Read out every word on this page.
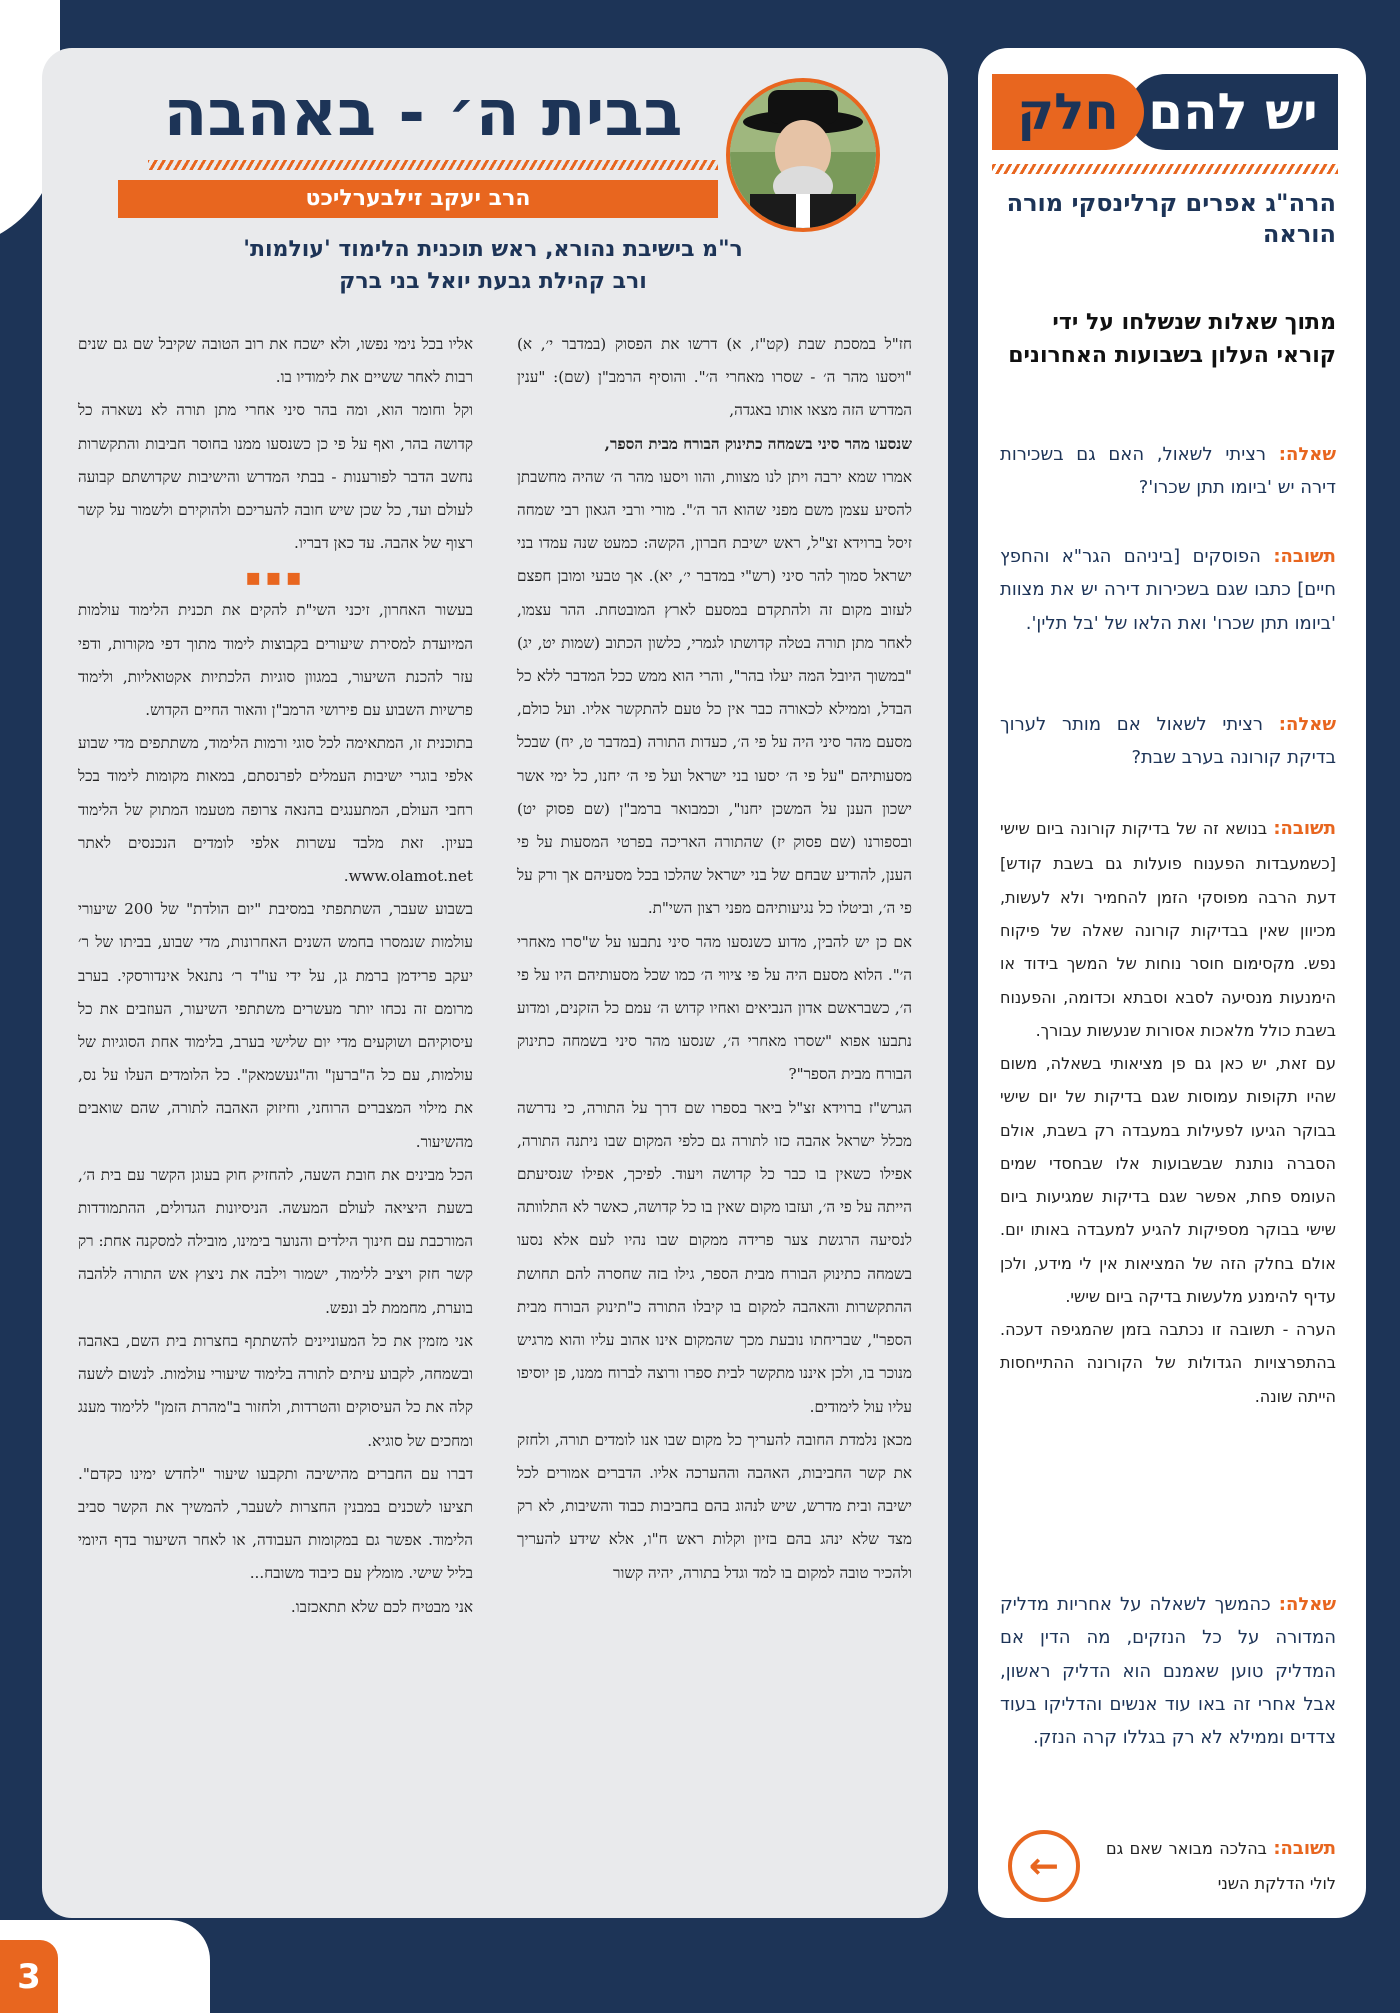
3
בבית ה׳ - באהבה
הרב יעקב זילבערליכט
ר"מ בישיבת נהורא, ראש תוכנית הלימוד 'עולמות'
ורב קהילת גבעת יואל בני ברק

חז"ל במסכת שבת (קט"ז, א) דרשו את הפסוק (במדבר י׳, א) "ויסעו מהר ה׳ - שסרו מאחרי ה׳". והוסיף הרמב"ן (שם): "ענין המדרש הזה מצאו אותו באגדה,

שנסעו מהר סיני בשמחה כתינוק הבורח מבית הספר,

אמרו שמא ירבה ויתן לנו מצוות, והוו ויסעו מהר ה׳ שהיה מחשבתן להסיע עצמן משם מפני שהוא הר ה׳". מורי ורבי הגאון רבי שמחה זיסל ברוידא זצ"ל, ראש ישיבת חברון, הקשה: כמעט שנה עמדו בני ישראל סמוך להר סיני (רש"י במדבר י׳, יא). אך טבעי ומובן חפצם לעזוב מקום זה ולהתקדם במסעם לארץ המובטחת. ההר עצמו, לאחר מתן תורה בטלה קדושתו לגמרי, כלשון הכתוב (שמות יט, יג) "במשוך היובל המה יעלו בהר", והרי הוא ממש ככל המדבר ללא כל הבדל, וממילא לכאורה כבר אין כל טעם להתקשר אליו. ועל כולם, מסעם מהר סיני היה על פי ה׳, כעדות התורה (במדבר ט, יח) שבכל מסעותיהם "על פי ה׳ יסעו בני ישראל ועל פי ה׳ יחנו, כל ימי אשר ישכון הענן על המשכן יחנו", וכמבואר ברמב"ן (שם פסוק יט) ובספורנו (שם פסוק יז) שהתורה האריכה בפרטי המסעות על פי הענן, להודיע שבחם של בני ישראל שהלכו בכל מסעיהם אך ורק על פי ה׳, וביטלו כל נגיעותיהם מפני רצון השי"ת.

אם כן יש להבין, מדוע כשנסעו מהר סיני נתבעו על ש"סרו מאחרי ה׳". הלוא מסעם היה על פי ציווי ה׳ כמו שכל מסעותיהם היו על פי ה׳, כשבראשם אדון הנביאים ואחיו קדוש ה׳ עמם כל הזקנים, ומדוע נתבעו אפוא "שסרו מאחרי ה׳, שנסעו מהר סיני בשמחה כתינוק הבורח מבית הספר"?

הגרש"ז ברוידא זצ"ל ביאר בספרו שם דרך על התורה, כי נדרשה מכלל ישראל אהבה כזו לתורה גם כלפי המקום שבו ניתנה התורה, אפילו כשאין בו כבר כל קדושה ויעוד. לפיכך, אפילו שנסיעתם הייתה על פי ה׳, ועזבו מקום שאין בו כל קדושה, כאשר לא התלוותה לנסיעה הרגשת צער פרידה ממקום שבו נהיו לעם אלא נסעו בשמחה כתינוק הבורח מבית הספר, גילו בזה שחסרה להם תחושת ההתקשרות והאהבה למקום בו קיבלו התורה כ"תינוק הבורח מבית הספר", שבריחתו נובעת מכך שהמקום אינו אהוב עליו והוא מרגיש מנוכר בו, ולכן איננו מתקשר לבית ספרו ורוצה לברוח ממנו, פן יוסיפו עליו עול לימודים.

מכאן נלמדת החובה להעריך כל מקום שבו אנו לומדים תורה, ולחזק את קשר החביבות, האהבה וההערכה אליו. הדברים אמורים לכל ישיבה ובית מדרש, שיש לנהוג בהם בחביבות כבוד והשיבות, לא רק מצד שלא ינהג בהם בזיון וקלות ראש ח"ו, אלא שידע להעריך ולהכיר טובה למקום בו למד וגדל בתורה, יהיה קשור

אליו בכל נימי נפשו, ולא ישכח את רוב הטובה שקיבל שם גם שנים רבות לאחר ששיים את לימודיו בו.

וקל וחומר הוא, ומה בהר סיני אחרי מתן תורה לא נשארה כל קדושה בהר, ואף על פי כן כשנסעו ממנו בחוסר חביבות והתקשרות נחשב הדבר לפורענות - בבתי המדרש והישיבות שקדושתם קבועה לעולם ועד, כל שכן שיש חובה להעריכם ולהוקירם ולשמור על קשר רצוף של אהבה. עד כאן דבריו.

▪▪▪

בעשור האחרון, זיכני השי"ת להקים את תכנית הלימוד עולמות המיועדת למסירת שיעורים בקבוצות לימוד מתוך דפי מקורות, ודפי עזר להכנת השיעור, במגוון סוגיות הלכתיות אקטואליות, ולימוד פרשיות השבוע עם פירושי הרמב"ן והאור החיים הקדוש.

בתוכנית זו, המתאימה לכל סוגי ורמות הלימוד, משתתפים מדי שבוע אלפי בוגרי ישיבות העמלים לפרנסתם, במאות מקומות לימוד בכל רחבי העולם, המתענגים בהנאה צרופה מטעמו המתוק של הלימוד בעיון. זאת מלבד עשרות אלפי לומדים הנכנסים לאתר www.olamot.net.

בשבוע שעבר, השתתפתי במסיבת "יום הולדת" של 200 שיעורי עולמות שנמסרו בחמש השנים האחרונות, מדי שבוע, בביתו של ר׳ יעקב פרידמן ברמת גן, על ידי עו"ד ר׳ נתנאל אינדורסקי. בערב מרומם זה נכחו יותר מעשרים משתתפי השיעור, העוזבים את כל עיסוקיהם ושוקעים מדי יום שלישי בערב, בלימוד אחת הסוגיות של עולמות, עם כל ה"ברען" וה"געשמאק". כל הלומדים העלו על נס, את מילוי המצברים הרוחני, וחיזוק האהבה לתורה, שהם שואבים מהשיעור.

הכל מבינים את חובת השעה, להחזיק חוק בעוגן הקשר עם בית ה׳, בשעת היציאה לעולם המעשה. הניסיונות הגדולים, ההתמודדות המורכבת עם חינוך הילדים והנוער בימינו, מובילה למסקנה אחת: רק קשר חזק ויציב ללימוד, ישמור וילבה את ניצוץ אש התורה ללהבה בוערת, מחממת לב ונפש.

אני מזמין את כל המעוניינים להשתתף בחצרות בית השם, באהבה ובשמחה, לקבוע עיתים לתורה בלימוד שיעורי עולמות. לנשום לשעה קלה את כל העיסוקים והטרדות, ולחזור ב"מהרת הזמן" ללימוד מענג ומחכים של סוגיא.

דברו עם החברים מהישיבה ותקבעו שיעור "לחדש ימינו כקדם". תציעו לשכנים במבנין החצרות לשעבר, להמשיך את הקשר סביב הלימוד. אפשר גם במקומות העבודה, או לאחר השיעור בדף היומי בליל שישי. מומלץ עם כיבוד משובח...

אני מבטיח לכם שלא תתאכזבו.

יש להם
חלק
הרה"ג אפרים קרלינסקי מורה הוראה
מתוך שאלות שנשלחו על ידי קוראי העלון בשבועות האחרונים
שאלה: רציתי לשאול, האם גם בשכירות דירה יש 'ביומו תתן שכרו'?
תשובה: הפוסקים [ביניהם הגר"א והחפץ חיים] כתבו שגם בשכירות דירה יש את מצוות 'ביומו תתן שכרו' ואת הלאו של 'בל תלין'.
שאלה: רציתי לשאול אם מותר לערוך בדיקת קורונה בערב שבת?
תשובה: בנושא זה של בדיקות קורונה ביום שישי [כשמעבדות הפענוח פועלות גם בשבת קודש] דעת הרבה מפוסקי הזמן להחמיר ולא לעשות, מכיוון שאין בבדיקות קורונה שאלה של פיקוח נפש. מקסימום חוסר נוחות של המשך בידוד או הימנעות מנסיעה לסבא וסבתא וכדומה, והפענוח בשבת כולל מלאכות אסורות שנעשות עבורך.
עם זאת, יש כאן גם פן מציאותי בשאלה, משום שהיו תקופות עמוסות שגם בדיקות של יום שישי בבוקר הגיעו לפעילות במעבדה רק בשבת, אולם הסברה נותנת שבשבועות אלו שבחסדי שמים העומס פחת, אפשר שגם בדיקות שמגיעות ביום שישי בבוקר מספיקות להגיע למעבדה באותו יום. אולם בחלק הזה של המציאות אין לי מידע, ולכן עדיף להימנע מלעשות בדיקה ביום שישי.
הערה - תשובה זו נכתבה בזמן שהמגיפה דעכה. בהתפרצויות הגדולות של הקורונה ההתייחסות הייתה שונה.
שאלה: כהמשך לשאלה על אחריות מדליק המדורה על כל הנזקים, מה הדין אם המדליק טוען שאמנם הוא הדליק ראשון, אבל אחרי זה באו עוד אנשים והדליקו בעוד צדדים וממילא לא רק בגללו קרה הנזק.
תשובה: בהלכה מבואר שאם גם לולי הדלקת השני
←
